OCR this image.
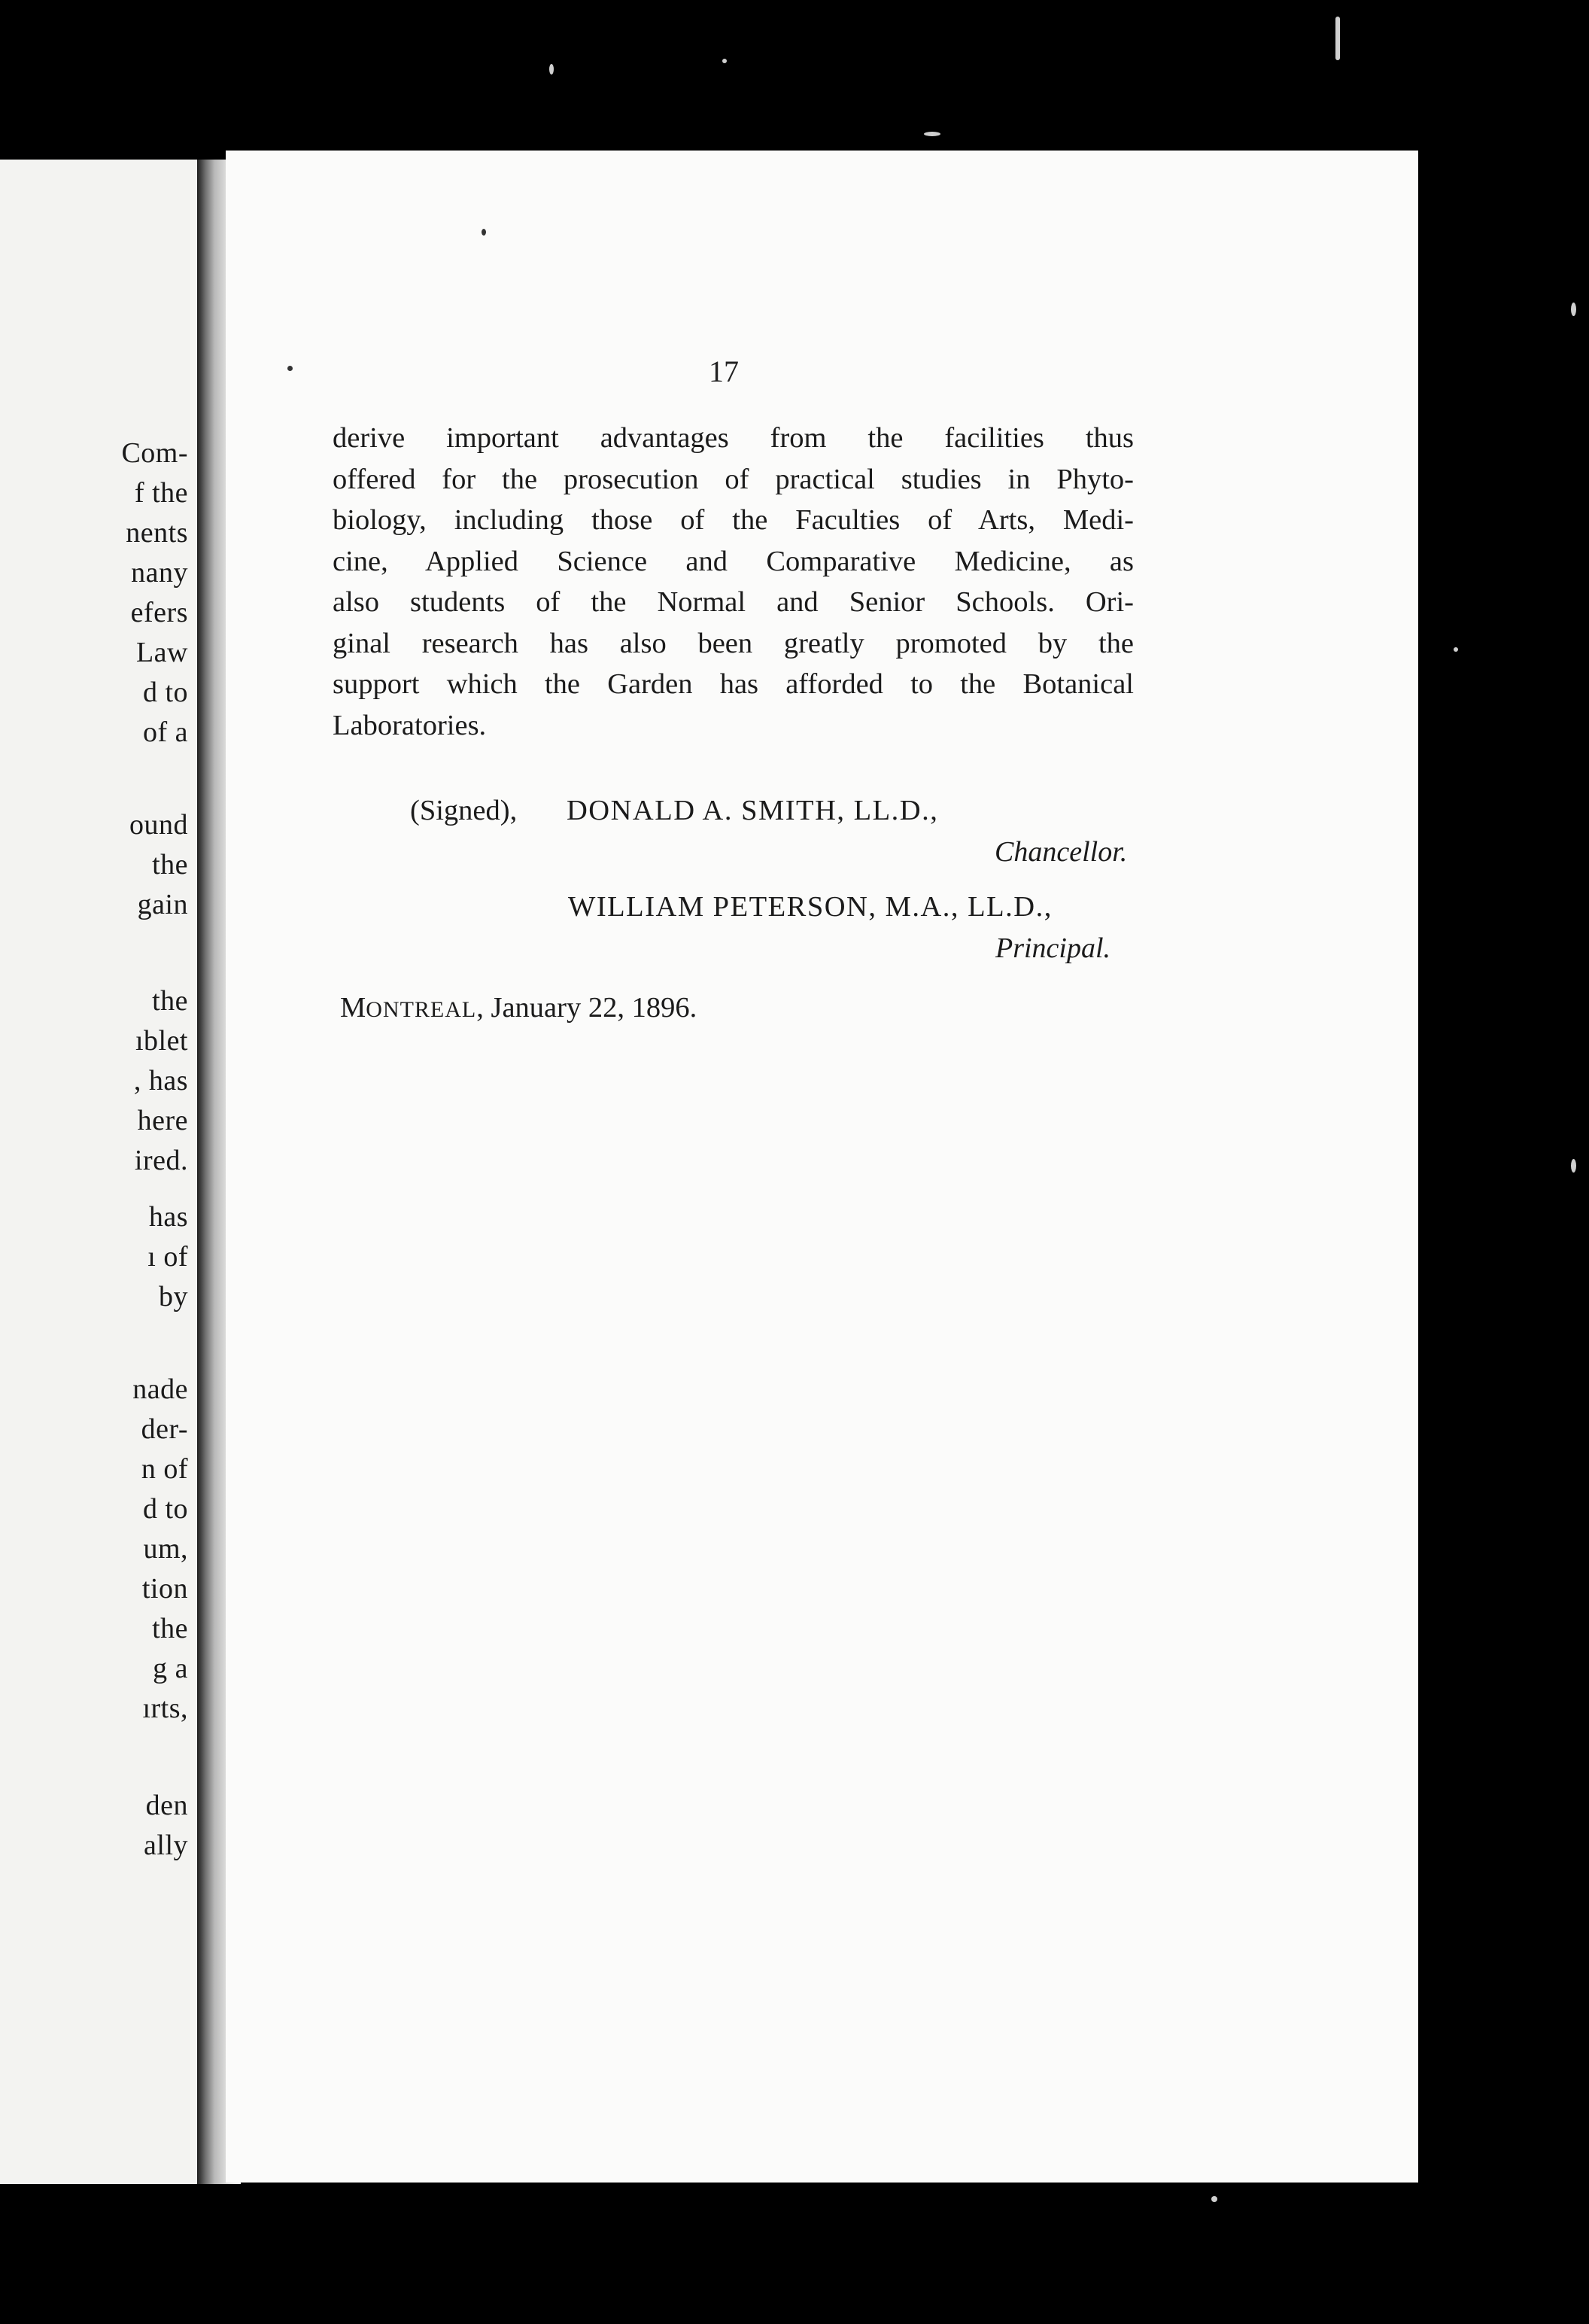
Com-
f the
nents
nany
efers
Law
d to
of a
ound
the
gain
the
ıblet
, has
here
ired.
has
ı of
by
nade
der-
n of
d to
um,
tion
the
g a
ırts,
den
ally
17
derive important advantages from the facilities thus
offered for the prosecution of practical studies in Phyto-
biology, including those of the Faculties of Arts, Medi-
cine, Applied Science and Comparative Medicine, as
also students of the Normal and Senior Schools. Ori-
ginal research has also been greatly promoted by the
support which the Garden has afforded to the Botanical
Laboratories.
(Signed), DONALD A. SMITH, LL.D.,
Chancellor.
WILLIAM PETERSON, M.A., LL.D.,
Principal.
MONTREAL, January 22, 1896.
